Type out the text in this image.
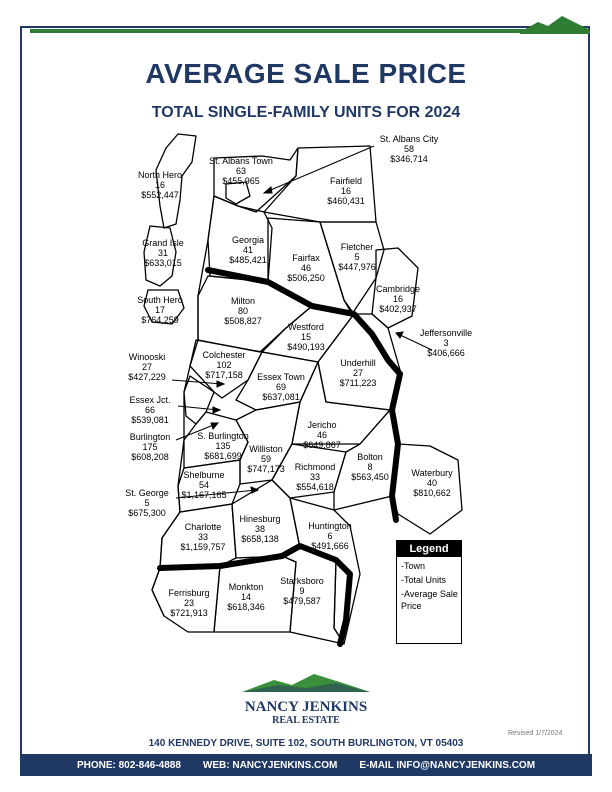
AVERAGE SALE PRICE
TOTAL SINGLE-FAMILY UNITS FOR 2024
North Hero 16 $552,447
St. Albans Town 63 $455,965
St. Albans City 58 $346,714
Fairfield 16 $460,431
Grand Isle 31 $633,015
Georgia 41 $485,421	Fairfax 46 $506,250
Fletcher 5 $447,976
South Hero 17 $764,259
Milton 80 $508,827
Cambridge 16 $402,937
Westford 15 $490,193
Jeffersonville 3 $406,666
Winooski 27 $427,229
Colchester 102 $717,158
Underhill 27 $711,223
Essex Town 69 $637,081
Essex Jct. 66 $539,081	Jericho 46 $649,867
Burlington 175 $608,208
S. Burlington 135 $681,699
Williston 59 $747,173
Bolton 8 $563,450
Richmond 33 $554,618
Waterbury 40 $810,662
Shelburne 54 $1,167,165
St. George 5 $675,300
Charlotte 33 $1,159,757
Hinesburg 38 $658,138
Huntington 6 $491,666
Ferrisburg 23 $721,913
Monkton 14 $618,346
Starksboro 9 $479,587
Legend
-Town
-Total Units
-Average Sale
Price
NANCY JENKINS
REAL ESTATE
Revised 1/7/2024
140 KENNEDY DRIVE, SUITE 102, SOUTH BURLINGTON, VT 05403
PHONE: 802-846-4888 WEB: NANCYJENKINS.COM E-MAIL INFO@NANCYJENKINS.COM
